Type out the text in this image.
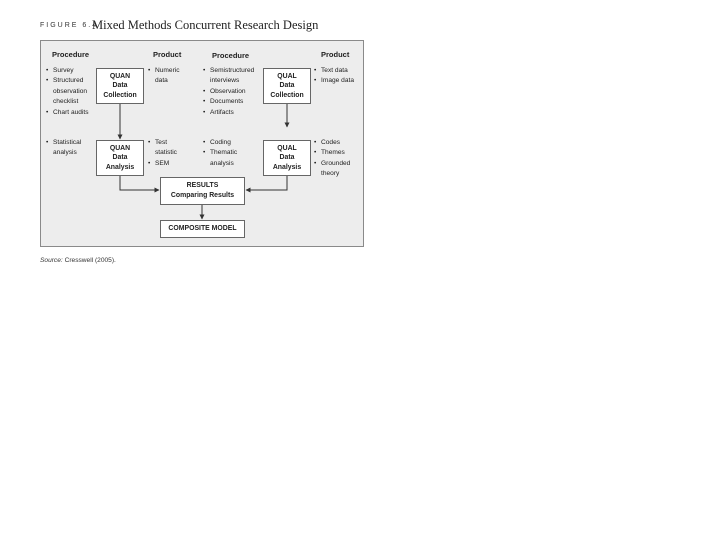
FIGURE 6.4
Mixed Methods Concurrent Research Design
Procedure	Product	Procedure	Product
• Survey
• Structured observation checklist
• Chart audits
QUAN
Data
Collection
• Numeric data
• Semistructured interviews
• Observation
• Documents
• Artifacts
QUAL
Data
Collection
• Text data
• Image data
• Statistical analysis
QUAN
Data
Analysis
• Test statistic
• SEM
• Coding
• Thematic analysis
QUAL
Data
Analysis
• Codes
• Themes
• Grounded theory
RESULTS
Comparing Results
COMPOSITE MODEL
Source: Cresswell (2005).
